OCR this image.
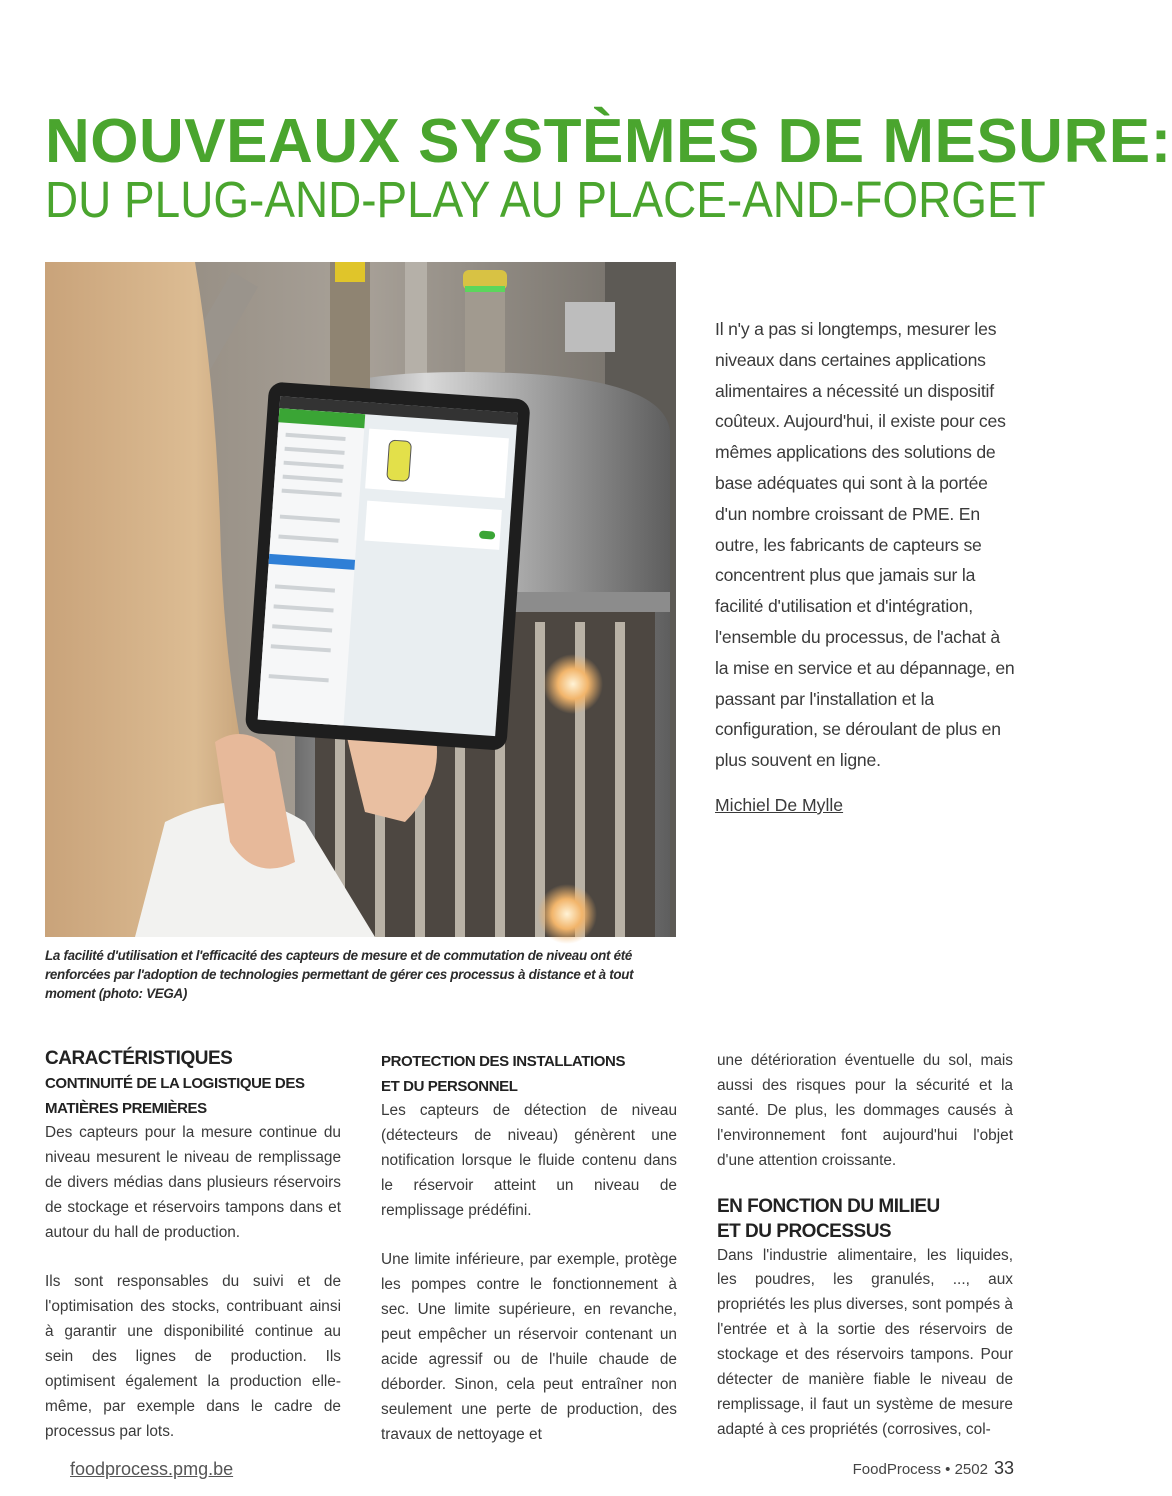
NOUVEAUX SYSTÈMES DE MESURE:
DU PLUG-AND-PLAY AU PLACE-AND-FORGET

La facilité d'utilisation et l'efficacité des capteurs de mesure et de commutation de niveau ont été renforcées par l'adoption de technologies permettant de gérer ces processus à distance et à tout moment (photo: VEGA)

Il n'y a pas si longtemps, mesurer les niveaux dans certaines applications alimentaires a nécessité un dispositif coûteux. Aujourd'hui, il existe pour ces mêmes applications des solutions de base adéquates qui sont à la portée d'un nombre croissant de PME. En outre, les fabricants de capteurs se concentrent plus que jamais sur la facilité d'utilisation et d'intégration, l'ensemble du processus, de l'achat à la mise en service et au dépannage, en passant par l'installation et la configuration, se déroulant de plus en plus souvent en ligne.

Michiel De Mylle

CARACTÉRISTIQUES
CONTINUITÉ DE LA LOGISTIQUE DES
MATIÈRES PREMIÈRES

Des capteurs pour la mesure continue du niveau mesurent le niveau de remplissage de divers médias dans plusieurs réservoirs de stockage et réservoirs tampons dans et autour du hall de production.

Ils sont responsables du suivi et de l'optimisation des stocks, contribuant ainsi à garantir une disponibilité continue au sein des lignes de production. Ils optimisent également la production elle-même, par exemple dans le cadre de processus par lots.

PROTECTION DES INSTALLATIONS
ET DU PERSONNEL

Les capteurs de détection de niveau (détecteurs de niveau) génèrent une notification lorsque le fluide contenu dans le réservoir atteint un niveau de remplissage prédéfini.

Une limite inférieure, par exemple, protège les pompes contre le fonctionnement à sec. Une limite supérieure, en revanche, peut empêcher un réservoir contenant un acide agressif ou de l'huile chaude de déborder. Sinon, cela peut entraîner non seulement une perte de production, des travaux de nettoyage et

une détérioration éventuelle du sol, mais aussi des risques pour la sécurité et la santé. De plus, les dommages causés à l'environnement font aujourd'hui l'objet d'une attention croissante.

EN FONCTION DU MILIEU
ET DU PROCESSUS

Dans l'industrie alimentaire, les liquides, les poudres, les granulés, ..., aux propriétés les plus diverses, sont pompés à l'entrée et à la sortie des réservoirs de stockage et des réservoirs tampons. Pour détecter de manière fiable le niveau de remplissage, il faut un système de mesure adapté à ces propriétés (corrosives, col-

foodprocess.pmg.be	FoodProcess • 2502 33
